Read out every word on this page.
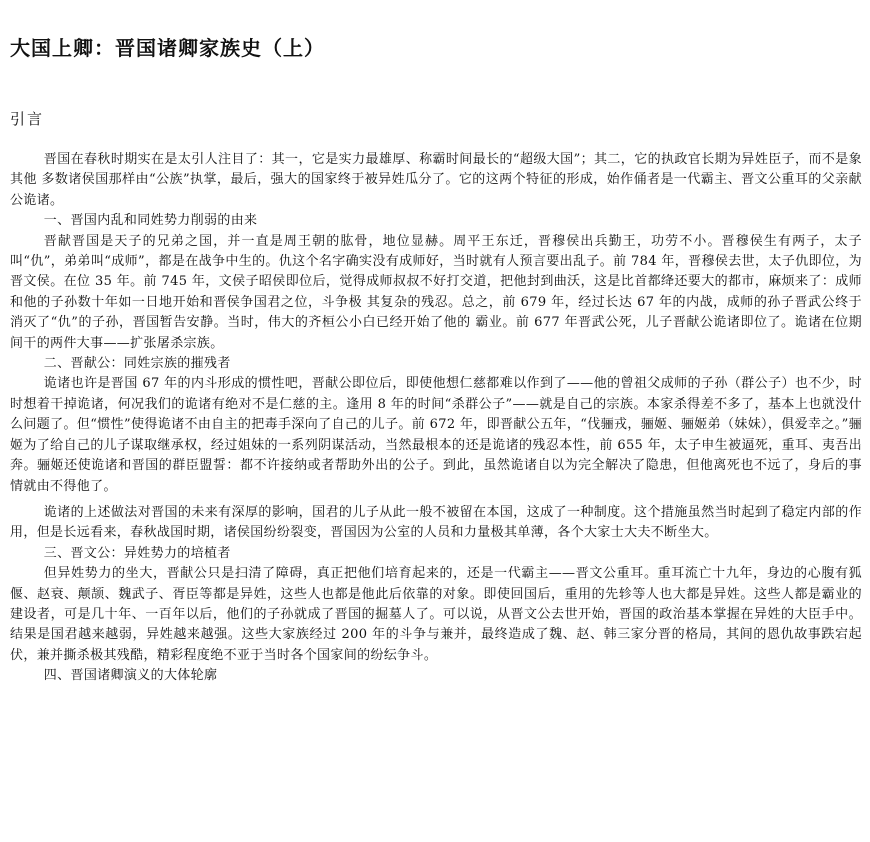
大国上卿：晋国诸卿家族史（上）
引言

晋国在春秋时期实在是太引人注目了：其一，它是实力最雄厚、称霸时间最长的“超级大国”；其二，它的执政官长期为异姓臣子，而不是象其他 多数诸侯国那样由“公族”执掌，最后，强大的国家终于被异姓瓜分了。它的这两个特征的形成，始作俑者是一代霸主、晋文公重耳的父亲献公诡诸。

一、晋国内乱和同姓势力削弱的由来

晋献晋国是天子的兄弟之国，并一直是周王朝的肱骨，地位显赫。周平王东迁，晋穆侯出兵勤王，功劳不小。晋穆侯生有两子，太子叫“仇”，弟弟叫“成师”，都是在战争中生的。仇这个名字确实没有成师好，当时就有人预言要出乱子。前 784 年，晋穆侯去世，太子仇即位，为晋文侯。在位 35 年。前 745 年，文侯子昭侯即位后，觉得成师叔叔不好打交道，把他封到曲沃，这是比首都绛还要大的都市，麻烦来了：成师和他的子孙数十年如一日地开始和晋侯争国君之位，斗争极 其复杂的残忍。总之，前 679 年，经过长达 67 年的内战，成师的孙子晋武公终于消灭了“仇”的子孙，晋国暂告安静。当时，伟大的齐桓公小白已经开始了他的 霸业。前 677 年晋武公死，儿子晋献公诡诸即位了。诡诸在位期间干的两件大事——扩张屠杀宗族。

二、晋献公：同姓宗族的摧残者

诡诸也许是晋国 67 年的内斗形成的惯性吧，晋献公即位后，即使他想仁慈都难以作到了——他的曾祖父成师的子孙（群公子）也不少，时时想着干掉诡诸，何况我们的诡诸有绝对不是仁慈的主。逢用 8 年的时间“杀群公子”——就是自己的宗族。本家杀得差不多了，基本上也就没什么问题了。但“惯性”使得诡诸不由自主的把毒手深向了自己的儿子。前 672 年，即晋献公五年，“伐骊戎，骊姬、骊姬弟（妹妹），俱爱幸之。”骊姬为了给自己的儿子谋取继承权，经过姐妹的一系列阴谋活动，当然最根本的还是诡诸的残忍本性，前 655 年，太子申生被逼死，重耳、夷吾出奔。骊姬还使诡诸和晋国的群臣盟誓：都不许接纳或者帮助外出的公子。到此，虽然诡诸自以为完全解决了隐患，但他离死也不远了，身后的事情就由不得他了。

诡诸的上述做法对晋国的未来有深厚的影响，国君的儿子从此一般不被留在本国，这成了一种制度。这个措施虽然当时起到了稳定内部的作用，但是长远看来，春秋战国时期，诸侯国纷纷裂变，晋国因为公室的人员和力量极其单薄，各个大家士大夫不断坐大。

三、晋文公：异姓势力的培植者

但异姓势力的坐大，晋献公只是扫清了障碍，真正把他们培育起来的，还是一代霸主——晋文公重耳。重耳流亡十九年，身边的心腹有狐偃、赵衰、颠颉、魏武子、胥臣等都是异姓，这些人也都是他此后依靠的对象。即使回国后，重用的先轸等人也大都是异姓。这些人都是霸业的建设者，可是几十年、一百年以后，他们的子孙就成了晋国的掘墓人了。可以说，从晋文公去世开始，晋国的政治基本掌握在异姓的大臣手中。结果是国君越来越弱，异姓越来越强。这些大家族经过 200 年的斗争与兼并，最终造成了魏、赵、韩三家分晋的格局，其间的恩仇故事跌宕起伏，兼并撕杀极其残酷，精彩程度绝不亚于当时各个国家间的纷纭争斗。

四、晋国诸卿演义的大体轮廓
